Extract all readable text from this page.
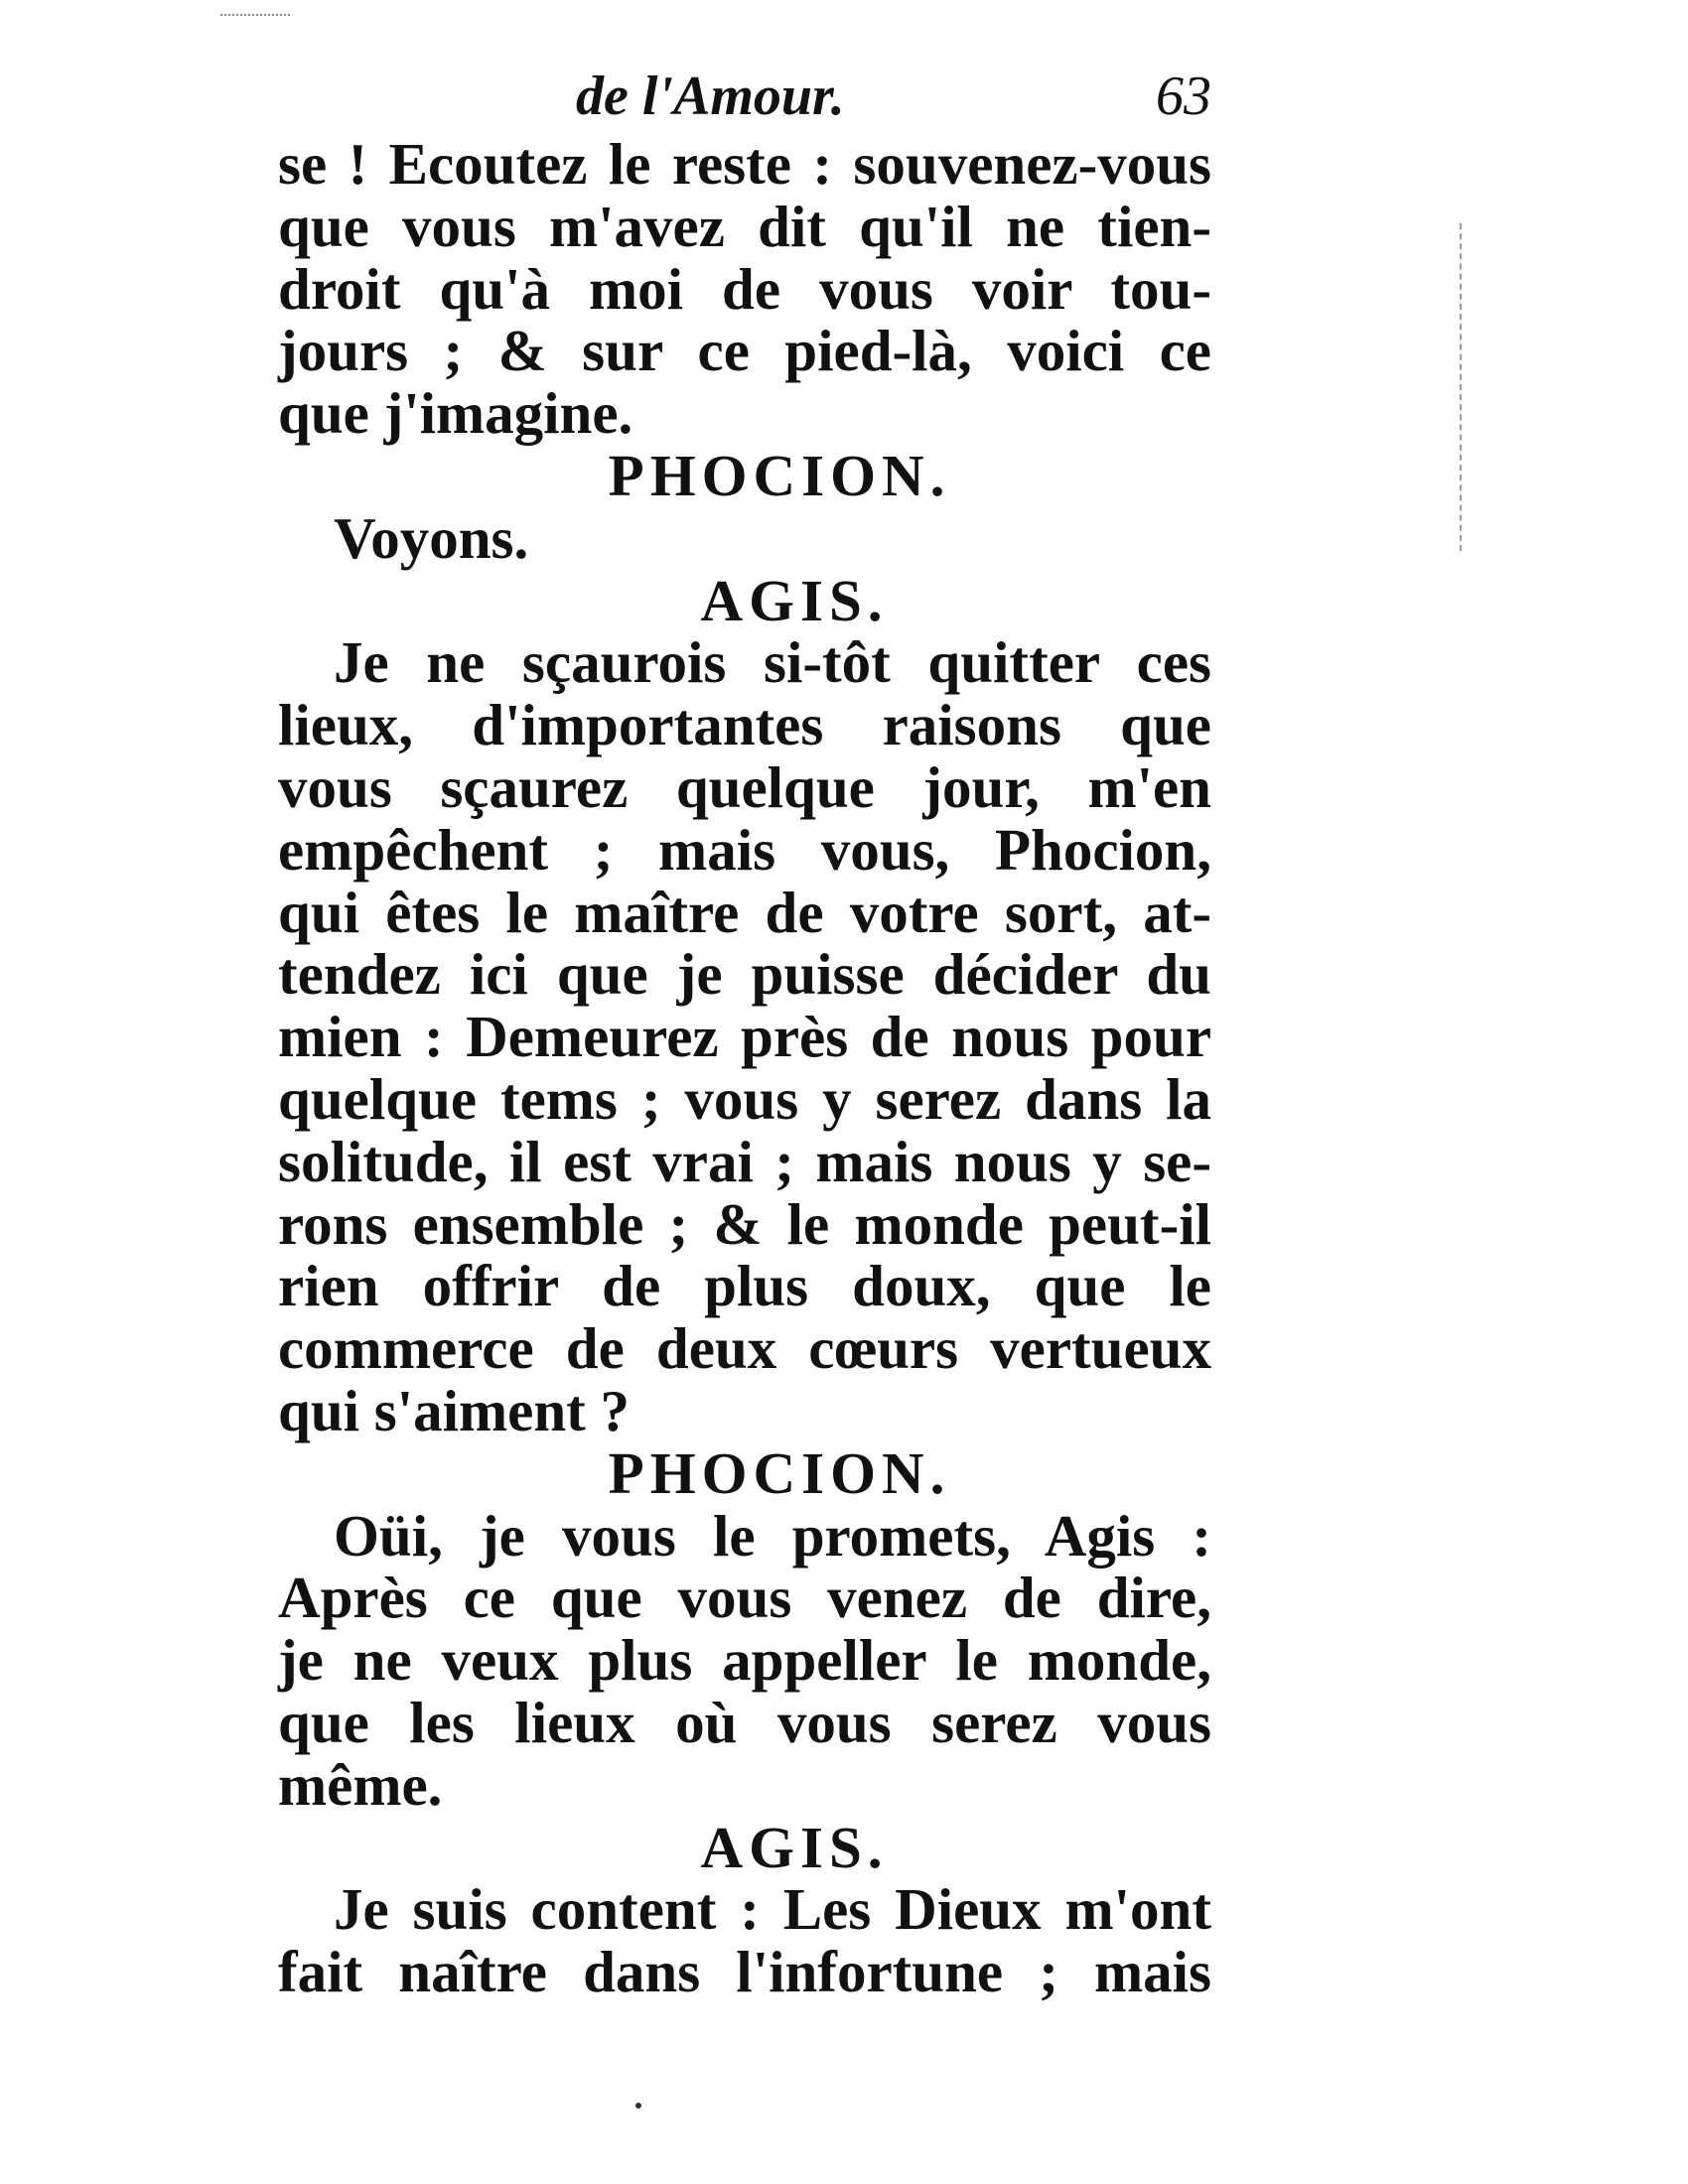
de l'Amour.	63
se ! Ecoutez le reste : souvenez-vous
que vous m'avez dit qu'il ne tien-
droit qu'à moi de vous voir tou-
jours ; & sur ce pied-là, voici ce
que j'imagine.
PHOCION.
Voyons.
AGIS.
Je ne sçaurois si-tôt quitter ces
lieux, d'importantes raisons que
vous sçaurez quelque jour, m'en
empêchent ; mais vous, Phocion,
qui êtes le maître de votre sort, at-
tendez ici que je puisse décider du
mien : Demeurez près de nous pour
quelque tems ; vous y serez dans la
solitude, il est vrai ; mais nous y se-
rons ensemble ; & le monde peut-il
rien offrir de plus doux, que le
commerce de deux cœurs vertueux
qui s'aiment ?
PHOCION.
Oüi, je vous le promets, Agis :
Après ce que vous venez de dire,
je ne veux plus appeller le monde,
que les lieux où vous serez vous
même.
AGIS.
Je suis content : Les Dieux m'ont
fait naître dans l'infortune ; mais
